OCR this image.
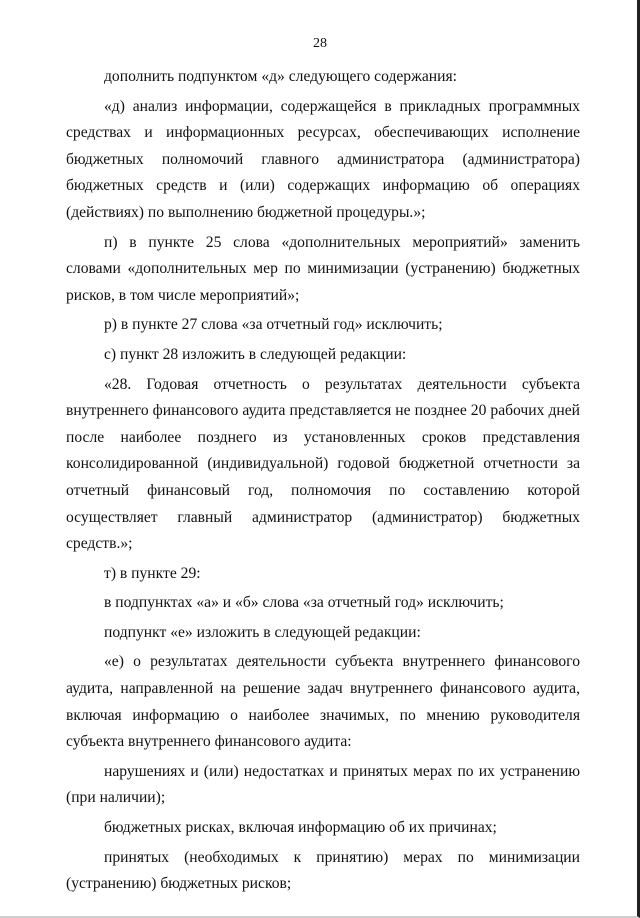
28

дополнить подпунктом «д» следующего содержания:

«д) анализ информации, содержащейся в прикладных программных средствах и информационных ресурсах, обеспечивающих исполнение бюджетных полномочий главного администратора (администратора) бюджетных средств и (или) содержащих информацию об операциях (действиях) по выполнению бюджетной процедуры.»;

п) в пункте 25 слова «дополнительных мероприятий» заменить словами «дополнительных мер по минимизации (устранению) бюджетных рисков, в том числе мероприятий»;

р) в пункте 27 слова «за отчетный год» исключить;

с) пункт 28 изложить в следующей редакции:

«28. Годовая отчетность о результатах деятельности субъекта внутреннего финансового аудита представляется не позднее 20 рабочих дней после наиболее позднего из установленных сроков представления консолидированной (индивидуальной) годовой бюджетной отчетности за отчетный финансовый год, полномочия по составлению которой осуществляет главный администратор (администратор) бюджетных средств.»;

т) в пункте 29:

в подпунктах «а» и «б» слова «за отчетный год» исключить;

подпункт «е» изложить в следующей редакции:

«е) о результатах деятельности субъекта внутреннего финансового аудита, направленной на решение задач внутреннего финансового аудита, включая информацию о наиболее значимых, по мнению руководителя субъекта внутреннего финансового аудита:

нарушениях и (или) недостатках и принятых мерах по их устранению (при наличии);

бюджетных рисках, включая информацию об их причинах;

принятых (необходимых к принятию) мерах по минимизации (устранению) бюджетных рисков;
